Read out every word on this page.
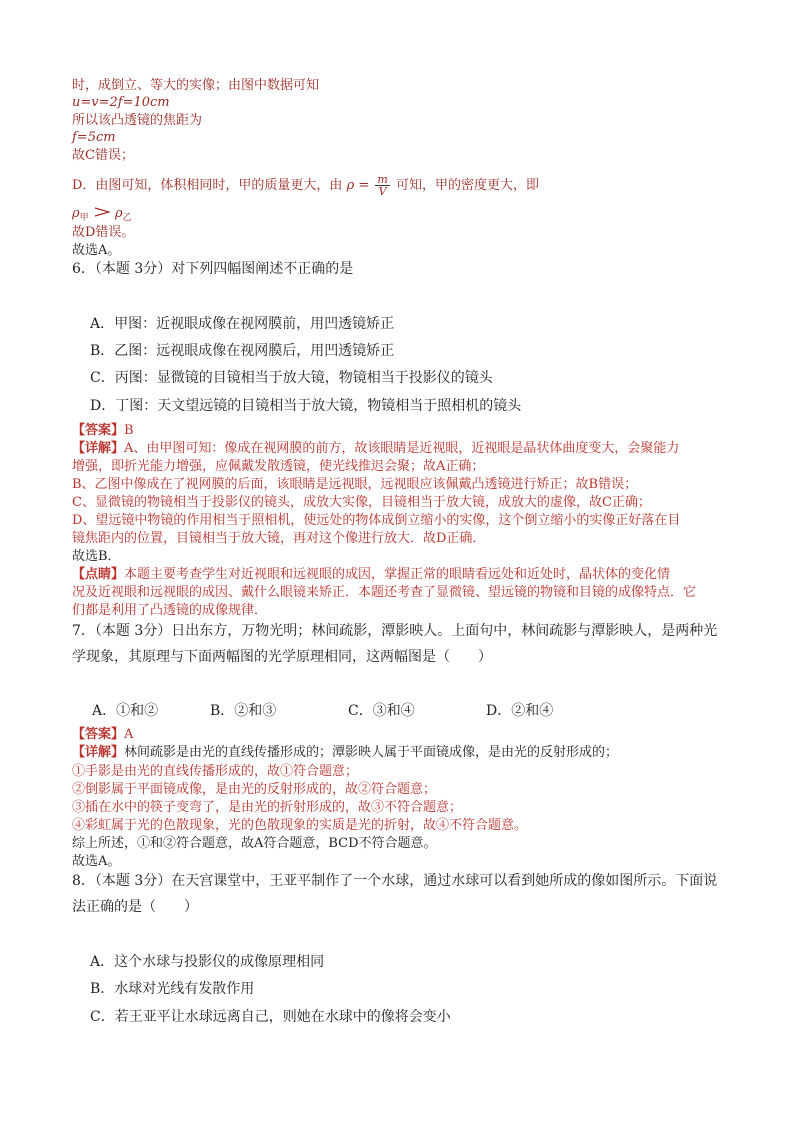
时，成倒立、等大的实像；由图中数据可知
u=v=2f=10cm
所以该凸透镜的焦距为
f=5cm
故C错误；
D．由图可知，体积相同时，甲的质量更大，由 $\rho = \frac{m}{V}$ 可知，甲的密度更大，即
$\rho_甲$ $\rho_乙$
故D错误。
故选A。
6．（本题 3分）对下列四幅图阐述不正确的是
A．甲图：近视眼成像在视网膜前，用凹透镜矫正
B．乙图：远视眼成像在视网膜后，用凹透镜矫正
C．丙图：显微镜的目镜相当于放大镜，物镜相当于投影仪的镜头
D．丁图：天文望远镜的目镜相当于放大镜，物镜相当于照相机的镜头
【答案】B
【详解】A、由甲图可知：像成在视网膜的前方，故该眼睛是近视眼，近视眼是晶状体曲度变大，会聚能力
增强，即折光能力增强，应佩戴发散透镜，使光线推迟会聚；故A正确；
B、乙图中像成在了视网膜的后面，该眼睛是远视眼，远视眼应该佩戴凸透镜进行矫正；故B错误；
C、显微镜的物镜相当于投影仪的镜头，成放大实像，目镜相当于放大镜，成放大的虚像，故C正确；
D、望远镜中物镜的作用相当于照相机，使远处的物体成倒立缩小的实像，这个倒立缩小的实像正好落在目
镜焦距内的位置，目镜相当于放大镜，再对这个像进行放大．故D正确．
故选B．
【点睛】本题主要考查学生对近视眼和远视眼的成因，掌握正常的眼睛看远处和近处时，晶状体的变化情
况及近视眼和远视眼的成因、戴什么眼镜来矫正．本题还考查了显微镜、望远镜的物镜和目镜的成像特点．它
们都是利用了凸透镜的成像规律．
7．（本题 3分）日出东方，万物光明；林间疏影，潭影映人。上面句中，林间疏影与潭影映人，是两种光
学现象，其原理与下面两幅图的光学原理相同，这两幅图是（　　）
A．①和②	B．②和③	C．③和④	D．②和④
【答案】A
【详解】林间疏影是由光的直线传播形成的；潭影映人属于平面镜成像，是由光的反射形成的；
①手影是由光的直线传播形成的，故①符合题意；
②倒影属于平面镜成像，是由光的反射形成的，故②符合题意；
③插在水中的筷子变弯了，是由光的折射形成的，故③不符合题意；
④彩虹属于光的色散现象，光的色散现象的实质是光的折射，故④不符合题意。
综上所述，①和②符合题意，故A符合题意，BCD不符合题意。
故选A。
8．（本题 3分）在天宫课堂中，王亚平制作了一个水球，通过水球可以看到她所成的像如图所示。下面说
法正确的是（　　）
A．这个水球与投影仪的成像原理相同
B．水球对光线有发散作用
C．若王亚平让水球远离自己，则她在水球中的像将会变小
